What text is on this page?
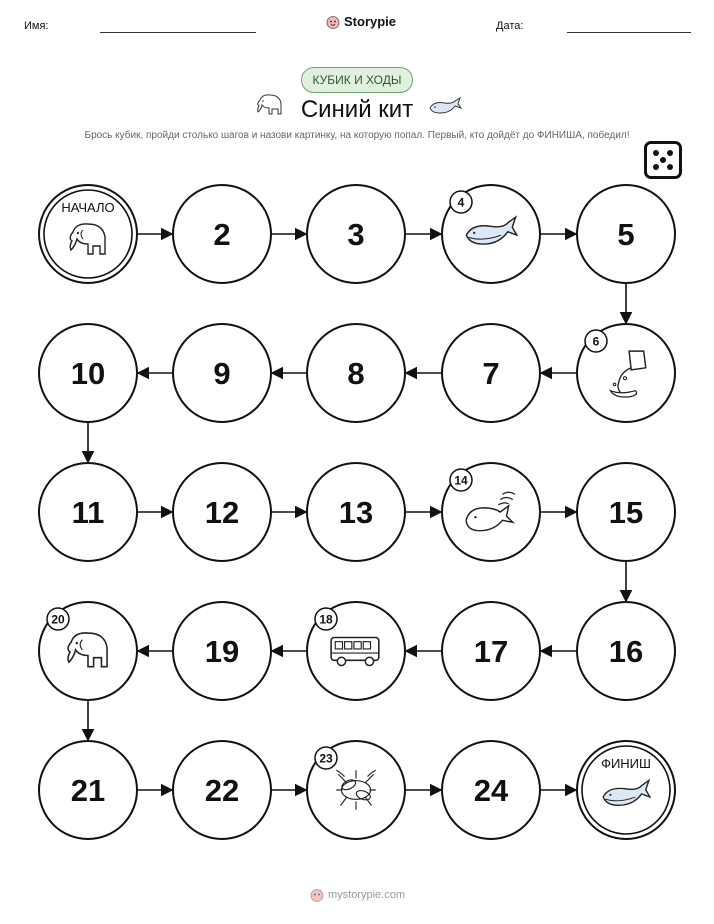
Имя:	Storypie	Дата:
КУБИК И ХОДЫ
Синий кит
Брось кубик, пройди столько шагов и назови картинку, на которую попал. Первый, кто дойдёт до ФИНИША, победил!
НАЧАЛО
2	3
4
5
6
7
8
9
10
11	12	13
14
15
16
17
18
19
20
21	22
23
24
ФИНИШ
mystorypie.com
